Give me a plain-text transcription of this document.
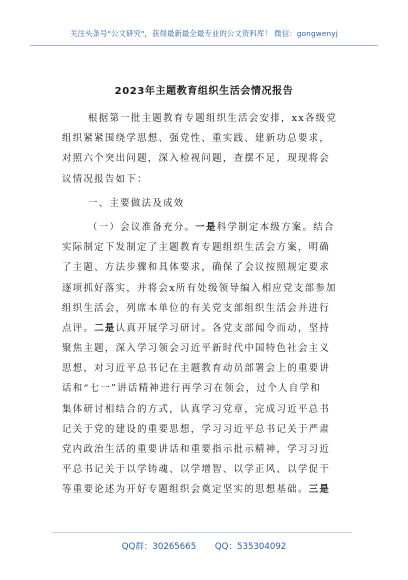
关注头条号"公文研究"，获得最新最全最专业的公文资料库！ 微信：gongwenyj
2023年主题教育组织生活会情况报告
根据第一批主题教育专题组织生活会安排，xx各级党
组织紧紧围绕学思想、强党性、重实践、建新功总要求，
对照六个突出问题，深入检视问题，查摆不足，现现将会
议情况报告如下：
一、主要做法及成效
（一）会议准备充分。一是科学制定本级方案。结合
实际制定下发制定了主题教育专题组织生活会方案，明确
了主题、方法步骤和具体要求，确保了会议按照规定要求
逐项抓好落实，并将会x所有处级领导编入相应党支部参加
组织生活会，列席本单位的有关党支部组织生活会并进行
点评。二是认真开展学习研讨。各党支部闻令而动，坚持
聚焦主题，深入学习领会习近平新时代中国特色社会主义
思想，对习近平总书记在主题教育动员部署会上的重要讲
话和“七一”讲话精神进行再学习在领会，过个人自学和
集体研讨相结合的方式，认真学习党章，完成习近平总书
记关于党的建设的重要思想，学习习近平总书记关于严肃
党内政治生活的重要讲话和重要指示批示精神，学习习近
平总书记关于以学铸魂、以学增智、以学正风、以学促干
等重要论述为开好专题组织会奠定坚实的思想基础。三是
QQ群：30265665 QQ：535304092
